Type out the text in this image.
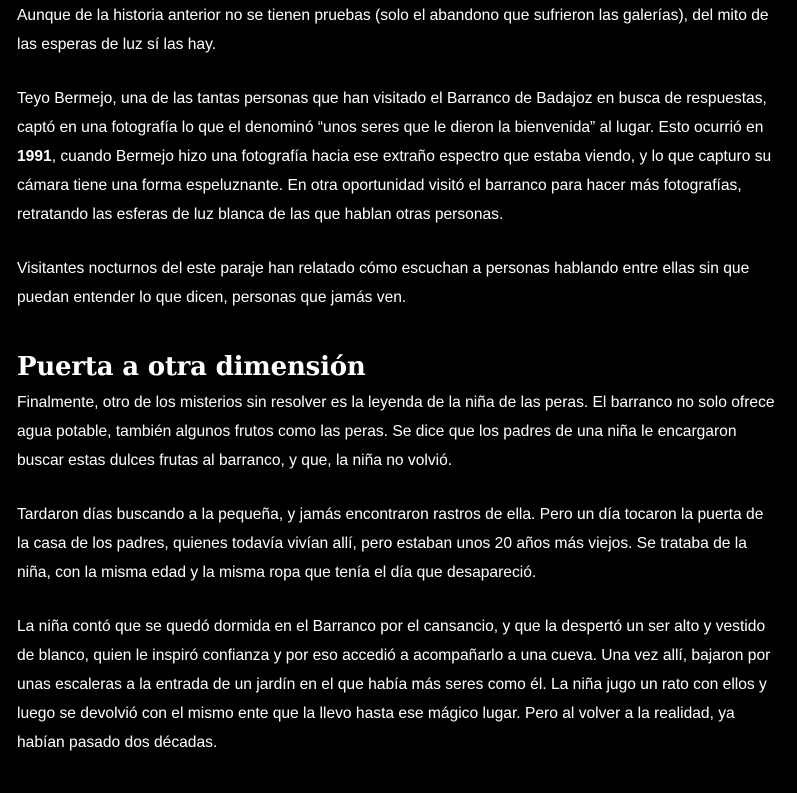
Aunque de la historia anterior no se tienen pruebas (solo el abandono que sufrieron las galerías), del mito de las esperas de luz sí las hay.

Teyo Bermejo, una de las tantas personas que han visitado el Barranco de Badajoz en busca de respuestas, captó en una fotografía lo que el denominó “unos seres que le dieron la bienvenida” al lugar. Esto ocurrió en 1991, cuando Bermejo hizo una fotografía hacia ese extraño espectro que estaba viendo, y lo que capturo su cámara tiene una forma espeluznante. En otra oportunidad visitó el barranco para hacer más fotografías, retratando las esferas de luz blanca de las que hablan otras personas.

Visitantes nocturnos del este paraje han relatado cómo escuchan a personas hablando entre ellas sin que puedan entender lo que dicen, personas que jamás ven.

Puerta a otra dimensión

Finalmente, otro de los misterios sin resolver es la leyenda de la niña de las peras. El barranco no solo ofrece agua potable, también algunos frutos como las peras. Se dice que los padres de una niña le encargaron buscar estas dulces frutas al barranco, y que, la niña no volvió.

Tardaron días buscando a la pequeña, y jamás encontraron rastros de ella. Pero un día tocaron la puerta de la casa de los padres, quienes todavía vivían allí, pero estaban unos 20 años más viejos. Se trataba de la niña, con la misma edad y la misma ropa que tenía el día que desapareció.

La niña contó que se quedó dormida en el Barranco por el cansancio, y que la despertó un ser alto y vestido de blanco, quien le inspiró confianza y por eso accedió a acompañarlo a una cueva. Una vez allí, bajaron por unas escaleras a la entrada de un jardín en el que había más seres como él. La niña jugo un rato con ellos y luego se devolvió con el mismo ente que la llevo hasta ese mágico lugar. Pero al volver a la realidad, ya habían pasado dos décadas.
